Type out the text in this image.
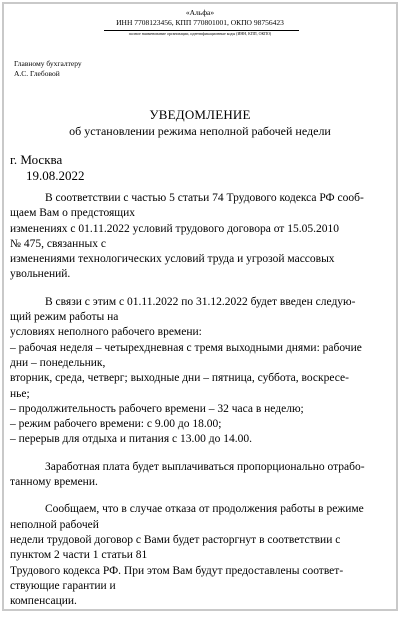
«Альфа»
ИНН 7708123456, КПП 770801001, ОКПО 98756423
полное наименование организации, идентификационные коды (ИНН, КПП, ОКПО)
Главному бухгалтеру
А.С. Глебовой
УВЕДОМЛЕНИЕ
об установлении режима неполной рабочей недели
г. Москва
19.08.2022
В соответствии с частью 5 статьи 74 Трудового кодекса РФ сооб-
щаем Вам о предстоящих
изменениях с 01.11.2022 условий трудового договора от 15.05.2010
№ 475, связанных с
изменениями технологических условий труда и угрозой массовых
увольнений.
В связи с этим с 01.11.2022 по 31.12.2022 будет введен следую-
щий режим работы на
условиях неполного рабочего времени:
– рабочая неделя – четырехдневная с тремя выходными днями: рабочие
дни – понедельник,
вторник, среда, четверг; выходные дни – пятница, суббота, воскресе-
нье;
– продолжительность рабочего времени – 32 часа в неделю;
– режим рабочего времени: с 9.00 до 18.00;
– перерыв для отдыха и питания с 13.00 до 14.00.
Заработная плата будет выплачиваться пропорционально отрабо-
танному времени.
Сообщаем, что в случае отказа от продолжения работы в режиме
неполной рабочей
недели трудовой договор с Вами будет расторгнут в соответствии с
пунктом 2 части 1 статьи 81
Трудового кодекса РФ. При этом Вам будут предоставлены соответ-
ствующие гарантии и
компенсации.
